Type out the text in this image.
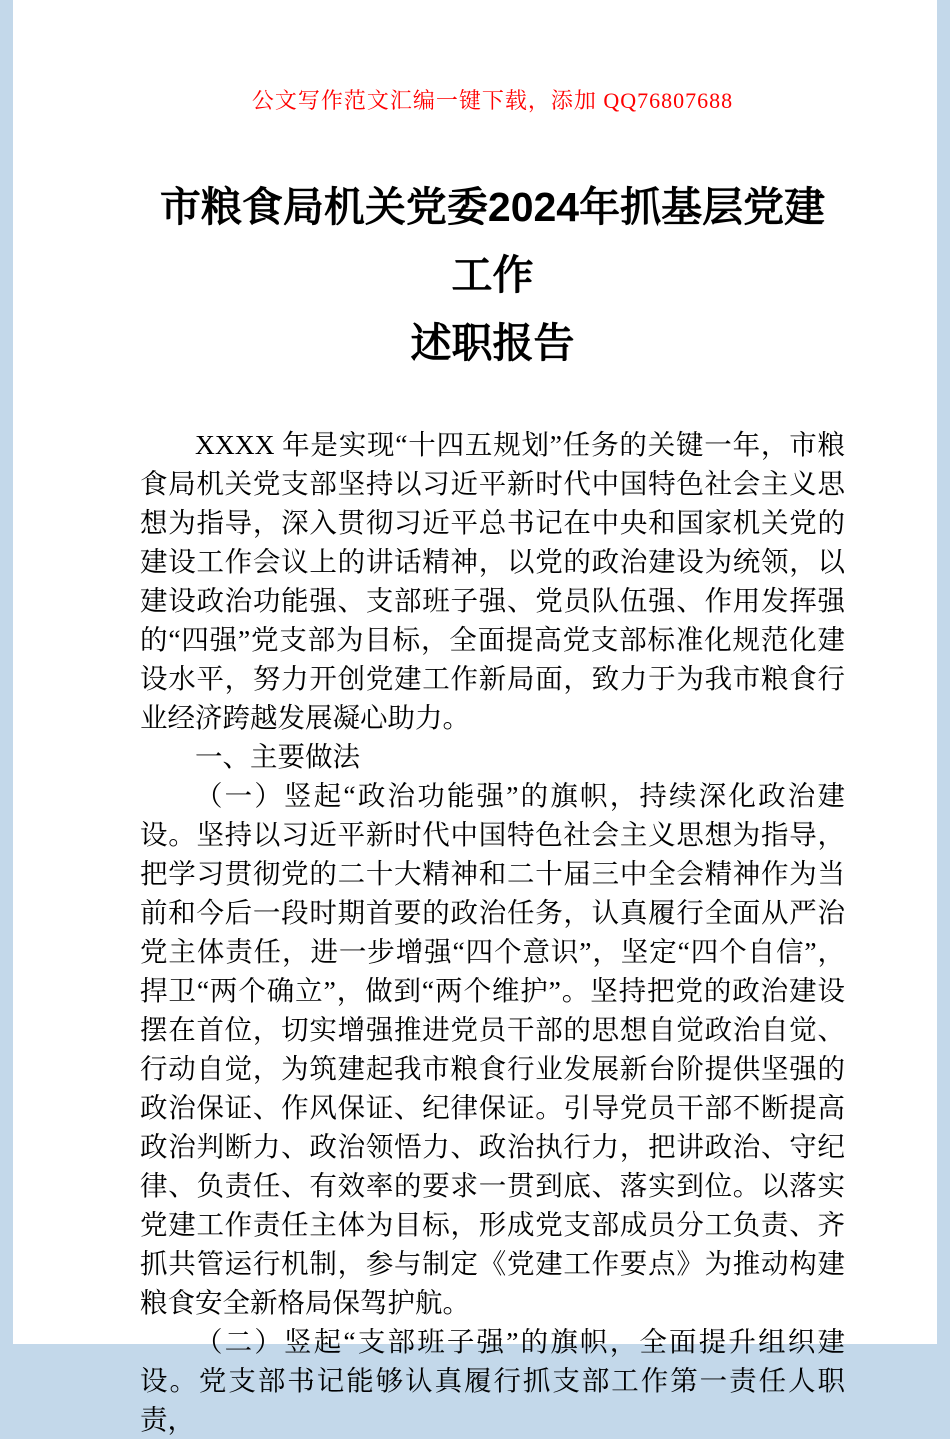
公文写作范文汇编一键下载，添加 QQ76807688
市粮食局机关党委2024年抓基层党建工作
述职报告

XXXX 年是实现“十四五规划”任务的关键一年，市粮食局机关党支部坚持以习近平新时代中国特色社会主义思想为指导，深入贯彻习近平总书记在中央和国家机关党的建设工作会议上的讲话精神，以党的政治建设为统领，以建设政治功能强、支部班子强、党员队伍强、作用发挥强的“四强”党支部为目标，全面提高党支部标准化规范化建设水平，努力开创党建工作新局面，致力于为我市粮食行业经济跨越发展凝心助力。

一、主要做法

（一）竖起“政治功能强”的旗帜，持续深化政治建设。坚持以习近平新时代中国特色社会主义思想为指导，把学习贯彻党的二十大精神和二十届三中全会精神作为当前和今后一段时期首要的政治任务，认真履行全面从严治党主体责任，进一步增强“四个意识”，坚定“四个自信”，捍卫“两个确立”，做到“两个维护”。坚持把党的政治建设摆在首位，切实增强推进党员干部的思想自觉政治自觉、行动自觉，为筑建起我市粮食行业发展新台阶提供坚强的政治保证、作风保证、纪律保证。引导党员干部不断提高政治判断力、政治领悟力、政治执行力，把讲政治、守纪律、负责任、有效率的要求一贯到底、落实到位。以落实党建工作责任主体为目标，形成党支部成员分工负责、齐抓共管运行机制，参与制定《党建工作要点》为推动构建粮食安全新格局保驾护航。

（二）竖起“支部班子强”的旗帜，全面提升组织建设。党支部书记能够认真履行抓支部工作第一责任人职责，
